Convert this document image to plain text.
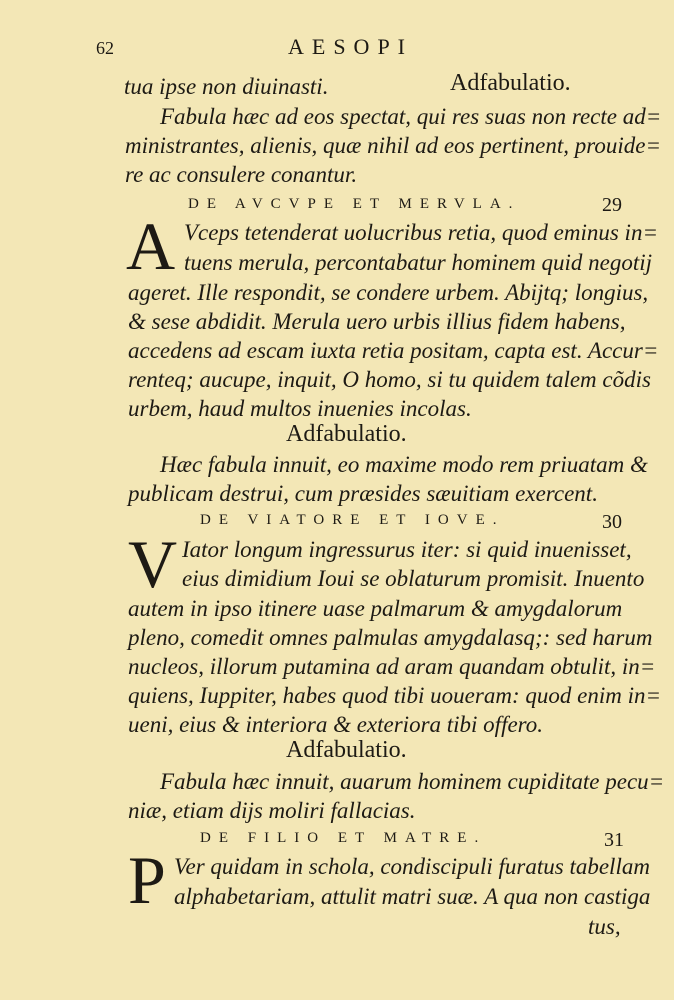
62	AESOPI
tua ipse non diuinasti.	Adfabulatio.
Fabula hæc ad eos spectat, qui res suas non recte ad=
ministrantes, alienis, quæ nihil ad eos pertinent, prouide=
re ac consulere conantur.
DE AVCVPE ET MERVLA.	29
A Vceps tetenderat uolucribus retia, quod eminus in=
tuens merula, percontabatur hominem quid negotij
ageret. Ille respondit, se condere urbem. Abijtq; longius,
& sese abdidit. Merula uero urbis illius fidem habens,
accedens ad escam iuxta retia positam, capta est. Accur=
renteq; aucupe, inquit, O homo, si tu quidem talem cõdis
urbem, haud multos inuenies incolas.
Adfabulatio.
Hæc fabula innuit, eo maxime modo rem priuatam &
publicam destrui, cum præsides sæuitiam exercent.
DE VIATORE ET IOVE.	30
V Iator longum ingressurus iter: si quid inuenisset,
eius dimidium Ioui se oblaturum promisit. Inuento
autem in ipso itinere uase palmarum & amygdalorum
pleno, comedit omnes palmulas amygdalasq;: sed harum
nucleos, illorum putamina ad aram quandam obtulit, in=
quiens, Iuppiter, habes quod tibi uoueram: quod enim in=
ueni, eius & interiora & exteriora tibi offero.
Adfabulatio.
Fabula hæc innuit, auarum hominem cupiditate pecu=
niæ, etiam dijs moliri fallacias.
DE FILIO ET MATRE.	31
P Ver quidam in schola, condiscipuli furatus tabellam
alphabetariam, attulit matri suæ. A qua non castiga
tus,
